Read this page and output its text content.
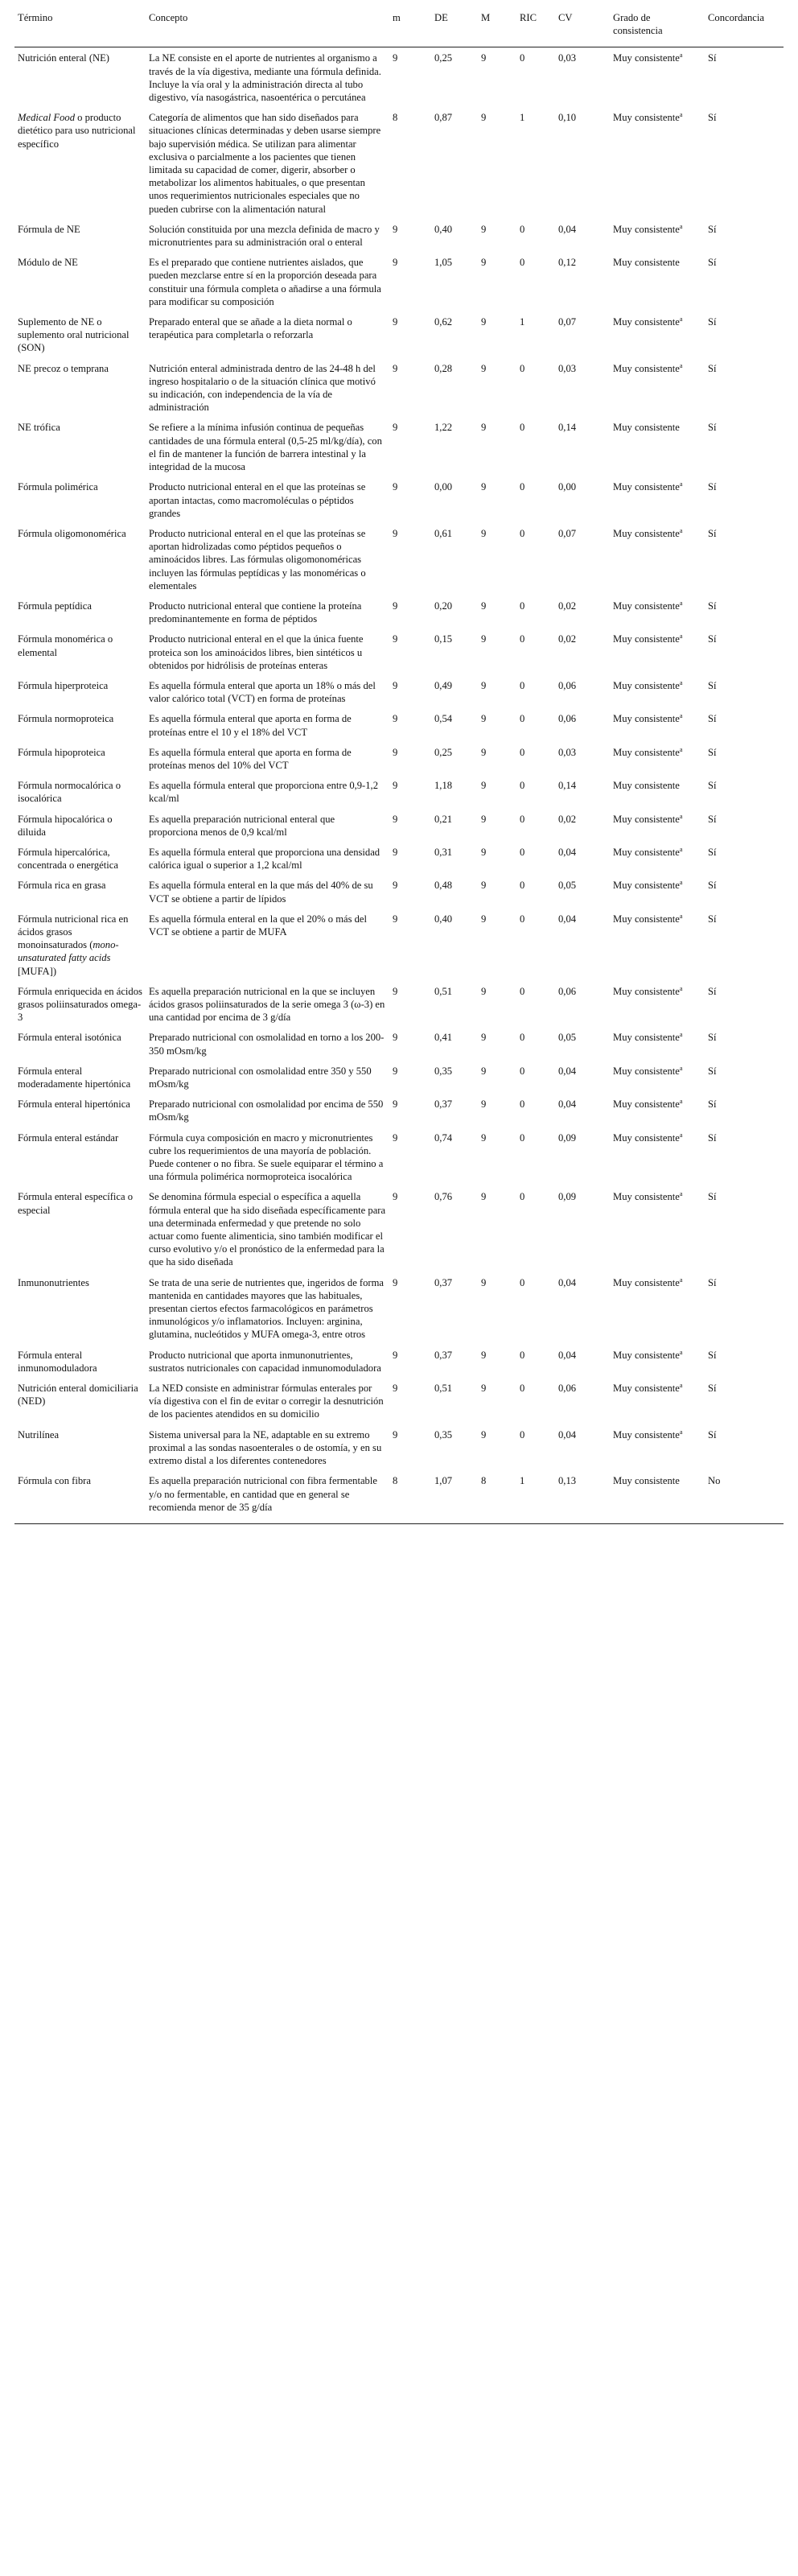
Término	Concepto	m	DE	M	RIC	CV	Grado de consistencia	Concordancia
Nutrición enteral (NE)	La NE consiste en el aporte de nutrientes al organismo a través de la vía digestiva, mediante una fórmula definida. Incluye la vía oral y la administración directa al tubo digestivo, vía nasogástrica, nasoentérica o percutánea	9	0,25	9	0	0,03	Muy consistente$^a$	Sí
Medical Food o producto dietético para uso nutricional específico	Categoría de alimentos que han sido diseñados para situaciones clínicas determinadas y deben usarse siempre bajo supervisión médica. Se utilizan para alimentar exclusiva o parcialmente a los pacientes que tienen limitada su capacidad de comer, digerir, absorber o metabolizar los alimentos habituales, o que presentan unos requerimientos nutricionales especiales que no pueden cubrirse con la alimentación natural	8	0,87	9	1	0,10	Muy consistente$^a$	Sí
Fórmula de NE	Solución constituida por una mezcla definida de macro y micronutrientes para su administración oral o enteral	9	0,40	9	0	0,04	Muy consistente$^a$	Sí
Módulo de NE	Es el preparado que contiene nutrientes aislados, que pueden mezclarse entre sí en la proporción deseada para constituir una fórmula completa o añadirse a una fórmula para modificar su composición	9	1,05	9	0	0,12	Muy consistente	Sí
Suplemento de NE o suplemento oral nutricional (SON)	Preparado enteral que se añade a la dieta normal o terapéutica para completarla o reforzarla	9	0,62	9	1	0,07	Muy consistente$^a$	Sí
NE precoz o temprana	Nutrición enteral administrada dentro de las 24-48 h del ingreso hospitalario o de la situación clínica que motivó su indicación, con independencia de la vía de administración	9	0,28	9	0	0,03	Muy consistente$^a$	Sí
NE trófica	Se refiere a la mínima infusión continua de pequeñas cantidades de una fórmula enteral (0,5-25 ml/kg/día), con el fin de mantener la función de barrera intestinal y la integridad de la mucosa	9	1,22	9	0	0,14	Muy consistente	Sí
Fórmula polimérica	Producto nutricional enteral en el que las proteínas se aportan intactas, como macromoléculas o péptidos grandes	9	0,00	9	0	0,00	Muy consistente$^a$	Sí
Fórmula oligomonomérica	Producto nutricional enteral en el que las proteínas se aportan hidrolizadas como péptidos pequeños o aminoácidos libres. Las fórmulas oligomonoméricas incluyen las fórmulas peptídicas y las monoméricas o elementales	9	0,61	9	0	0,07	Muy consistente$^a$	Sí
Fórmula peptídica	Producto nutricional enteral que contiene la proteína predominantemente en forma de péptidos	9	0,20	9	0	0,02	Muy consistente$^a$	Sí
Fórmula monomérica o elemental	Producto nutricional enteral en el que la única fuente proteica son los aminoácidos libres, bien sintéticos u obtenidos por hidrólisis de proteínas enteras	9	0,15	9	0	0,02	Muy consistente$^a$	Sí
Fórmula hiperproteica	Es aquella fórmula enteral que aporta un 18% o más del valor calórico total (VCT) en forma de proteínas	9	0,49	9	0	0,06	Muy consistente$^a$	Sí
Fórmula normoproteica	Es aquella fórmula enteral que aporta en forma de proteínas entre el 10 y el 18% del VCT	9	0,54	9	0	0,06	Muy consistente$^a$	Sí
Fórmula hipoproteica	Es aquella fórmula enteral que aporta en forma de proteínas menos del 10% del VCT	9	0,25	9	0	0,03	Muy consistente$^a$	Sí
Fórmula normocalórica o isocalórica	Es aquella fórmula enteral que proporciona entre 0,9-1,2 kcal/ml	9	1,18	9	0	0,14	Muy consistente	Sí
Fórmula hipocalórica o diluida	Es aquella preparación nutricional enteral que proporciona menos de 0,9 kcal/ml	9	0,21	9	0	0,02	Muy consistente$^a$	Sí
Fórmula hipercalórica, concentrada o energética	Es aquella fórmula enteral que proporciona una densidad calórica igual o superior a 1,2 kcal/ml	9	0,31	9	0	0,04	Muy consistente$^a$	Sí
Fórmula rica en grasa	Es aquella fórmula enteral en la que más del 40% de su VCT se obtiene a partir de lípidos	9	0,48	9	0	0,05	Muy consistente$^a$	Sí
Fórmula nutricional rica en ácidos grasos monoinsaturados (mono-unsaturated fatty acids [MUFA])	Es aquella fórmula enteral en la que el 20% o más del VCT se obtiene a partir de MUFA	9	0,40	9	0	0,04	Muy consistente$^a$	Sí
Fórmula enriquecida en ácidos grasos poliinsaturados omega-3	Es aquella preparación nutricional en la que se incluyen ácidos grasos poliinsaturados de la serie omega 3 (ω-3) en una cantidad por encima de 3 g/día	9	0,51	9	0	0,06	Muy consistente$^a$	Sí
Fórmula enteral isotónica	Preparado nutricional con osmolalidad en torno a los 200-350 mOsm/kg	9	0,41	9	0	0,05	Muy consistente$^a$	Sí
Fórmula enteral moderadamente hipertónica	Preparado nutricional con osmolalidad entre 350 y 550 mOsm/kg	9	0,35	9	0	0,04	Muy consistente$^a$	Sí
Fórmula enteral hipertónica	Preparado nutricional con osmolalidad por encima de 550 mOsm/kg	9	0,37	9	0	0,04	Muy consistente$^a$	Sí
Fórmula enteral estándar	Fórmula cuya composición en macro y micronutrientes cubre los requerimientos de una mayoría de población. Puede contener o no fibra. Se suele equiparar el término a una fórmula polimérica normoproteica isocalórica	9	0,74	9	0	0,09	Muy consistente$^a$	Sí
Fórmula enteral específica o especial	Se denomina fórmula especial o específica a aquella fórmula enteral que ha sido diseñada específicamente para una determinada enfermedad y que pretende no solo actuar como fuente alimenticia, sino también modificar el curso evolutivo y/o el pronóstico de la enfermedad para la que ha sido diseñada	9	0,76	9	0	0,09	Muy consistente$^a$	Sí
Inmunonutrientes	Se trata de una serie de nutrientes que, ingeridos de forma mantenida en cantidades mayores que las habituales, presentan ciertos efectos farmacológicos en parámetros inmunológicos y/o inflamatorios. Incluyen: arginina, glutamina, nucleótidos y MUFA omega-3, entre otros	9	0,37	9	0	0,04	Muy consistente$^a$	Sí
Fórmula enteral inmunomoduladora	Producto nutricional que aporta inmunonutrientes, sustratos nutricionales con capacidad inmunomoduladora	9	0,37	9	0	0,04	Muy consistente$^a$	Sí
Nutrición enteral domiciliaria (NED)	La NED consiste en administrar fórmulas enterales por vía digestiva con el fin de evitar o corregir la desnutrición de los pacientes atendidos en su domicilio	9	0,51	9	0	0,06	Muy consistente$^a$	Sí
Nutrilínea	Sistema universal para la NE, adaptable en su extremo proximal a las sondas nasoenterales o de ostomía, y en su extremo distal a los diferentes contenedores	9	0,35	9	0	0,04	Muy consistente$^a$	Sí
Fórmula con fibra	Es aquella preparación nutricional con fibra fermentable y/o no fermentable, en cantidad que en general se recomienda menor de 35 g/día	8	1,07	8	1	0,13	Muy consistente	No
